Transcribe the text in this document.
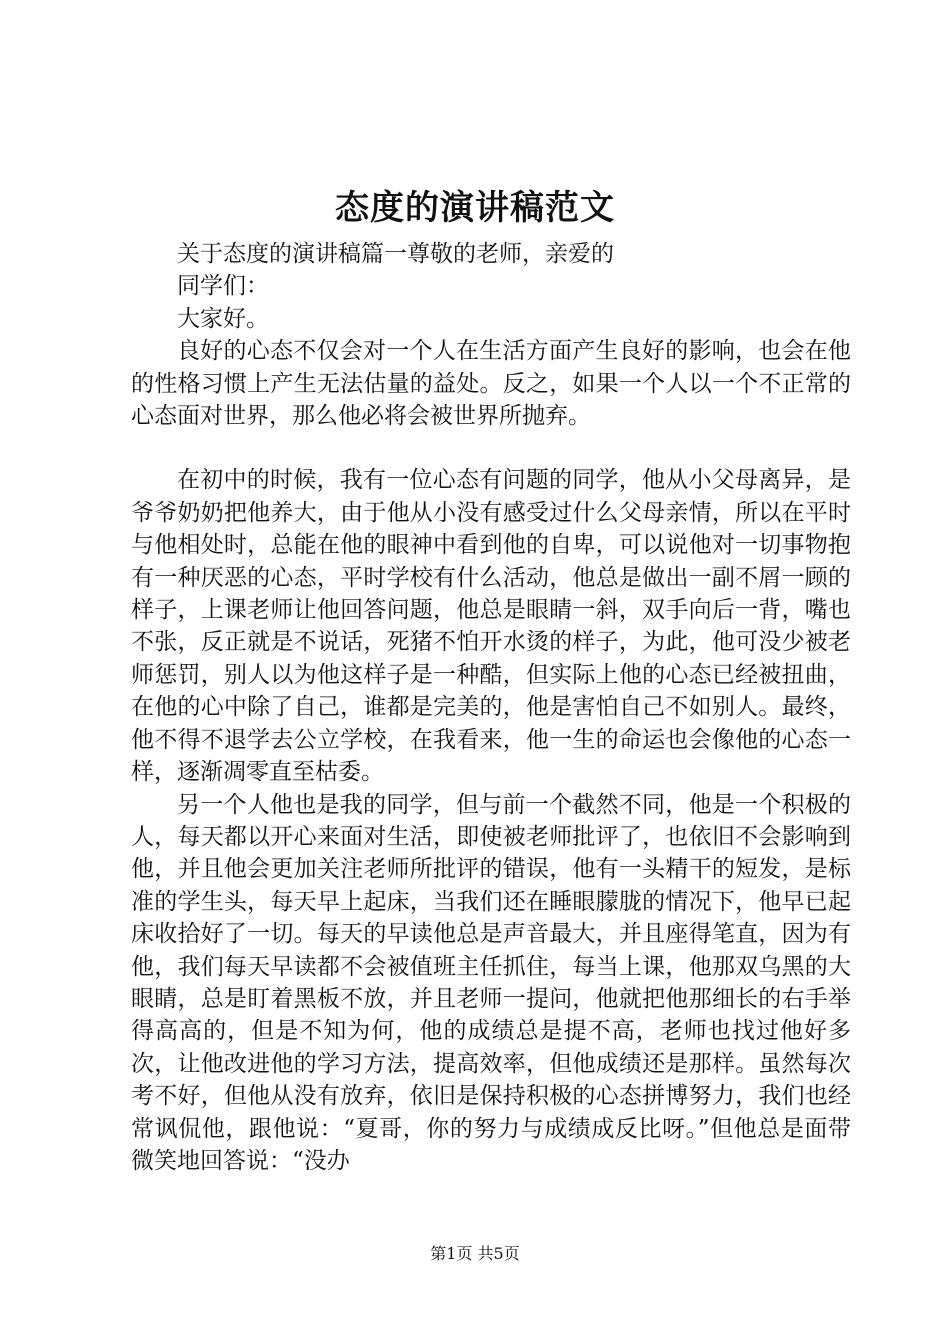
态度的演讲稿范文

关于态度的演讲稿篇一尊敬的老师，亲爱的

同学们：

大家好。

良好的心态不仅会对一个人在生活方面产生良好的影响，也会在他的性格习惯上产生无法估量的益处。反之，如果一个人以一个不正常的心态面对世界，那么他必将会被世界所抛弃。

在初中的时候，我有一位心态有问题的同学，他从小父母离异，是爷爷奶奶把他养大，由于他从小没有感受过什么父母亲情，所以在平时与他相处时，总能在他的眼神中看到他的自卑，可以说他对一切事物抱有一种厌恶的心态，平时学校有什么活动，他总是做出一副不屑一顾的样子，上课老师让他回答问题，他总是眼睛一斜，双手向后一背，嘴也不张，反正就是不说话，死猪不怕开水烫的样子，为此，他可没少被老师惩罚，别人以为他这样子是一种酷，但实际上他的心态已经被扭曲，在他的心中除了自己，谁都是完美的，他是害怕自己不如别人。最终，他不得不退学去公立学校，在我看来，他一生的命运也会像他的心态一样，逐渐凋零直至枯委。

另一个人他也是我的同学，但与前一个截然不同，他是一个积极的人，每天都以开心来面对生活，即使被老师批评了，也依旧不会影响到他，并且他会更加关注老师所批评的错误，他有一头精干的短发，是标准的学生头，每天早上起床，当我们还在睡眼朦胧的情况下，他早已起床收拾好了一切。每天的早读他总是声音最大，并且座得笔直，因为有他，我们每天早读都不会被值班主任抓住，每当上课，他那双乌黑的大眼睛，总是盯着黑板不放，并且老师一提问，他就把他那细长的右手举得高高的，但是不知为何，他的成绩总是提不高，老师也找过他好多次，让他改进他的学习方法，提高效率，但他成绩还是那样。虽然每次考不好，但他从没有放弃，依旧是保持积极的心态拼博努力，我们也经常讽侃他，跟他说：“夏哥，你的努力与成绩成反比呀。”但他总是面带微笑地回答说：“没办

第1页 共5页
